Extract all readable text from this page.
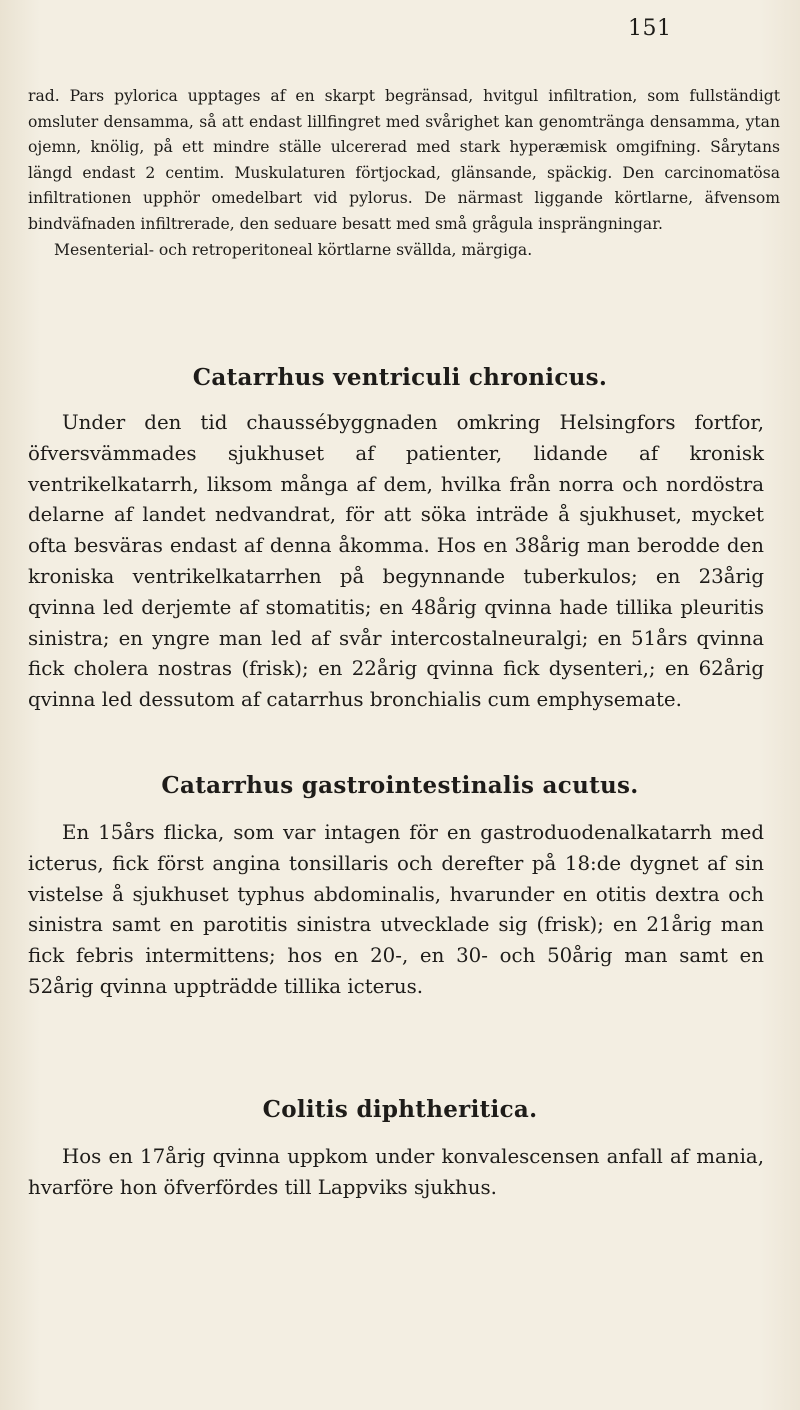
151

rad. Pars pylorica upptages af en skarpt begränsad, hvitgul infiltration, som fullständigt omsluter densamma, så att endast lillfingret med svårighet kan genomtränga densamma, ytan ojemn, knölig, på ett mindre ställe ulcererad med stark hyperæmisk omgifning. Sårytans längd endast 2 centim. Muskulaturen förtjockad, glänsande, späckig. Den carcinomatösa infiltrationen upphör omedelbart vid pylorus. De närmast liggande körtlarne, äfvensom bindväfnaden infiltrerade, den seduare besatt med små grågula insprängningar.

Mesenterial- och retroperitoneal körtlarne svällda, märgiga.

Catarrhus ventriculi chronicus.

Under den tid chaussébyggnaden omkring Helsingfors fortfor, öfversvämmades sjukhuset af patienter, lidande af kronisk ventrikelkatarrh, liksom många af dem, hvilka från norra och nordöstra delarne af landet nedvandrat, för att söka inträde å sjukhuset, mycket ofta besväras endast af denna åkomma. Hos en 38årig man berodde den kroniska ventrikelkatarrhen på begynnande tuberkulos; en 23årig qvinna led derjemte af stomatitis; en 48årig qvinna hade tillika pleuritis sinistra; en yngre man led af svår intercostalneuralgi; en 51års qvinna fick cholera nostras (frisk); en 22årig qvinna fick dysenteri,; en 62årig qvinna led dessutom af catarrhus bronchialis cum emphysemate.

Catarrhus gastrointestinalis acutus.

En 15års flicka, som var intagen för en gastroduodenalkatarrh med icterus, fick först angina tonsillaris och derefter på 18:de dygnet af sin vistelse å sjukhuset typhus abdominalis, hvarunder en otitis dextra och sinistra samt en parotitis sinistra utvecklade sig (frisk); en 21årig man fick febris intermittens; hos en 20-, en 30- och 50årig man samt en 52årig qvinna uppträdde tillika icterus.

Colitis diphtheritica.

Hos en 17årig qvinna uppkom under konvalescensen anfall af mania, hvarföre hon öfverfördes till Lappviks sjukhus.
